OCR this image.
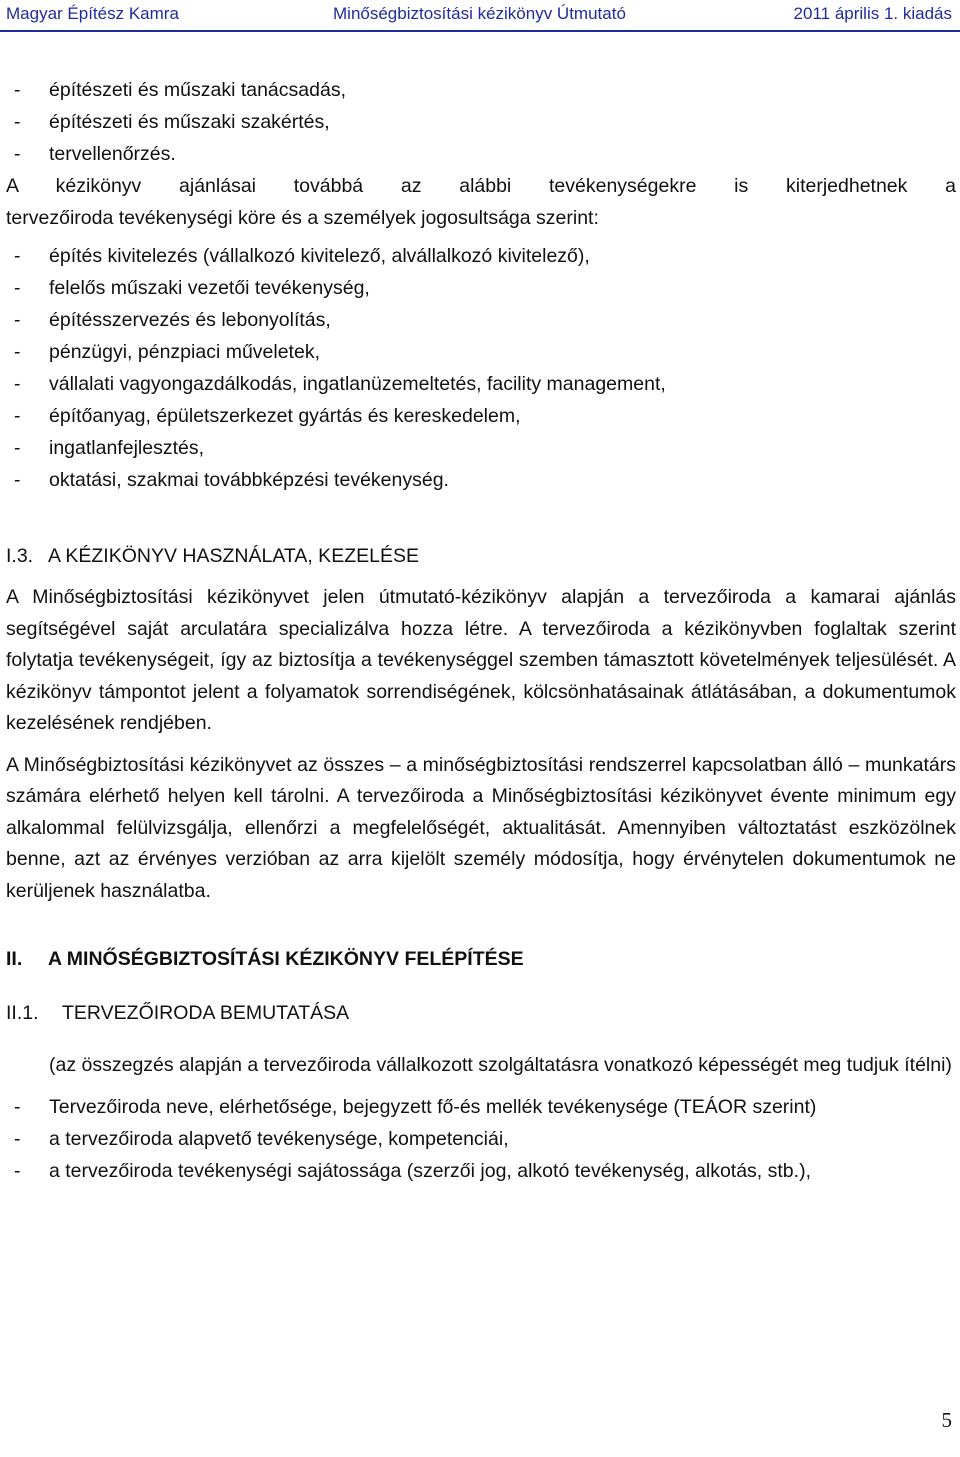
Magyar Építész Kamra	Minőségbiztosítási kézikönyv Útmutató	2011 április 1. kiadás
- építészeti és műszaki tanácsadás,
- építészeti és műszaki szakértés,
- tervellenőrzés.
A kézikönyv ajánlásai továbbá az alábbi tevékenységekre is kiterjedhetnek a
tervezőiroda tevékenységi köre és a személyek jogosultsága szerint:
- építés kivitelezés (vállalkozó kivitelező, alvállalkozó kivitelező),
- felelős műszaki vezetői tevékenység,
- építésszervezés és lebonyolítás,
- pénzügyi, pénzpiaci műveletek,
- vállalati vagyongazdálkodás, ingatlanüzemeltetés, facility management,
- építőanyag, épületszerkezet gyártás és kereskedelem,
- ingatlanfejlesztés,
- oktatási, szakmai továbbképzési tevékenység.
I.3. A KÉZIKÖNYV HASZNÁLATA, KEZELÉSE

A Minőségbiztosítási kézikönyvet jelen útmutató-kézikönyv alapján a tervezőiroda a kamarai ajánlás segítségével saját arculatára specializálva hozza létre. A tervezőiroda a kézikönyvben foglaltak szerint folytatja tevékenységeit, így az biztosítja a tevékenységgel szemben támasztott követelmények teljesülését. A kézikönyv támpontot jelent a folyamatok sorrendiségének, kölcsönhatásainak átlátásában, a dokumentumok kezelésének rendjében.

A Minőségbiztosítási kézikönyvet az összes – a minőségbiztosítási rendszerrel kapcsolatban álló – munkatárs számára elérhető helyen kell tárolni. A tervezőiroda a Minőségbiztosítási kézikönyvet évente minimum egy alkalommal felülvizsgálja, ellenőrzi a megfelelőségét, aktualitását. Amennyiben változtatást eszközölnek benne, azt az érvényes verzióban az arra kijelölt személy módosítja, hogy érvénytelen dokumentumok ne kerüljenek használatba.

II. A MINŐSÉGBIZTOSÍTÁSI KÉZIKÖNYV FELÉPÍTÉSE
II.1. TERVEZŐIRODA BEMUTATÁSA
(az összegzés alapján a tervezőiroda vállalkozott szolgáltatásra vonatkozó képességét meg tudjuk ítélni)
- Tervezőiroda neve, elérhetősége, bejegyzett fő-és mellék tevékenysége (TEÁOR szerint)
- a tervezőiroda alapvető tevékenysége, kompetenciái,
- a tervezőiroda tevékenységi sajátossága (szerzői jog, alkotó tevékenység, alkotás, stb.),
5
